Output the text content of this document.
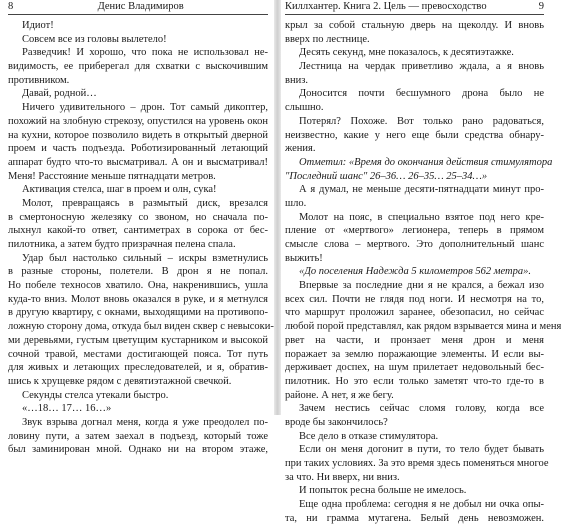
8	Денис Владимиров
Идиот!
Совсем все из головы вылетело!
Разведчик! И хорошо, что пока не использовал не-
видимость, ее приберегал для схватки с выскочившим
противником.
Давай, родной…
Ничего удивительного – дрон. Тот самый дикоптер,
похожий на злобную стрекозу, опустился на уровень окон
на кухни, которое позволило видеть в открытый дверной
проем и часть подъезда. Роботизированный летающий
аппарат будто что-то высматривал. А он и высматривал!
Меня! Расстояние меньше пятнадцати метров.
Активация стелса, шаг в проем и олн, сука!
Молот, превращаясь в размытый диск, врезался
в смертоносную железяку со звоном, но сначала по-
лыхнул какой-то ответ, сантиметрах в сорока от бес-
пилотника, а затем будто призрачная пелена спала.
Удар был настолько сильный – искры взметнулись
в разные стороны, полетели. В дрон я не попал.
Но побеле техносов хватило. Она, накренившись, ушла
куда-то вниз. Молот вновь оказался в руке, и я метнулся
в другую квартиру, с окнами, выходящими на противопо-
ложную сторону дома, откуда был виден сквер с невысоки-
ми деревьями, густым цветущим кустарником и высокой
сочной травой, местами достигающей пояса. Тот путь
для живых и летающих преследователей, и я, обратив-
шись к хрущевке рядом с девятиэтажной свечкой.
Секунды стелса утекали быстро.
«…18… 17… 16…»
Звук взрыва догнал меня, когда я уже преодолел по-
ловину пути, а затем заехал в подъезд, который тоже
был заминирован мной. Однако ни на втором этаже,
Киллхантер. Книга 2. Цель — превосходство	9
крыл за собой стальную дверь на щеколду. И вновь
вверх по лестнице.
Десять секунд, мне показалось, к десятиэтажке.
Лестница на чердак приветливо ждала, а я вновь
вниз.
Доносится почти бесшумного дрона было не
слышно.
Потерял? Похоже. Вот только рано радоваться,
неизвестно, какие у него еще были средства обнару-
жения.
Отметил: «Время до окончания действия стимулятора
"Последний шанс" 26–36… 26–35… 25–34…»
А я думал, не меньше десяти-пятнадцати минут про-
шло.
Молот на пояс, в специально взятое под него кре-
пление от «мертвого» легионера, теперь в прямом
смысле слова – мертвого. Это дополнительный шанс
выжить!
«До поселения Надежда 5 километров 562 метра».
Впервые за последние дни я не крался, а бежал изо
всех сил. Почти не глядя под ноги. И несмотря на то,
что маршрут проложил заранее, обезопасил, но сейчас
любой порой представлял, как рядом взрывается мина и меня
рвет на части, и пронзает меня дрон и меня
поражает за землю поражающие элементы. И если вы-
держивает доспех, на шум прилетает недовольный бес-
пилотник. Но это если только заметят что-то где-то в
районе. А нет, я же бегу.
Зачем нестись сейчас сломя голову, когда все
вроде бы закончилось?
Все дело в отказе стимулятора.
Если он меня догонит в пути, то тело будет бывать
при таких условиях. За это время здесь поменяться многое
за что. Ни вверх, ни вниз.
И попыток ресна больше не имелось.
Еще одна проблема: сегодня я не добыл ни очка опы-
та, ни грамма мутагена. Белый день невозможен.
